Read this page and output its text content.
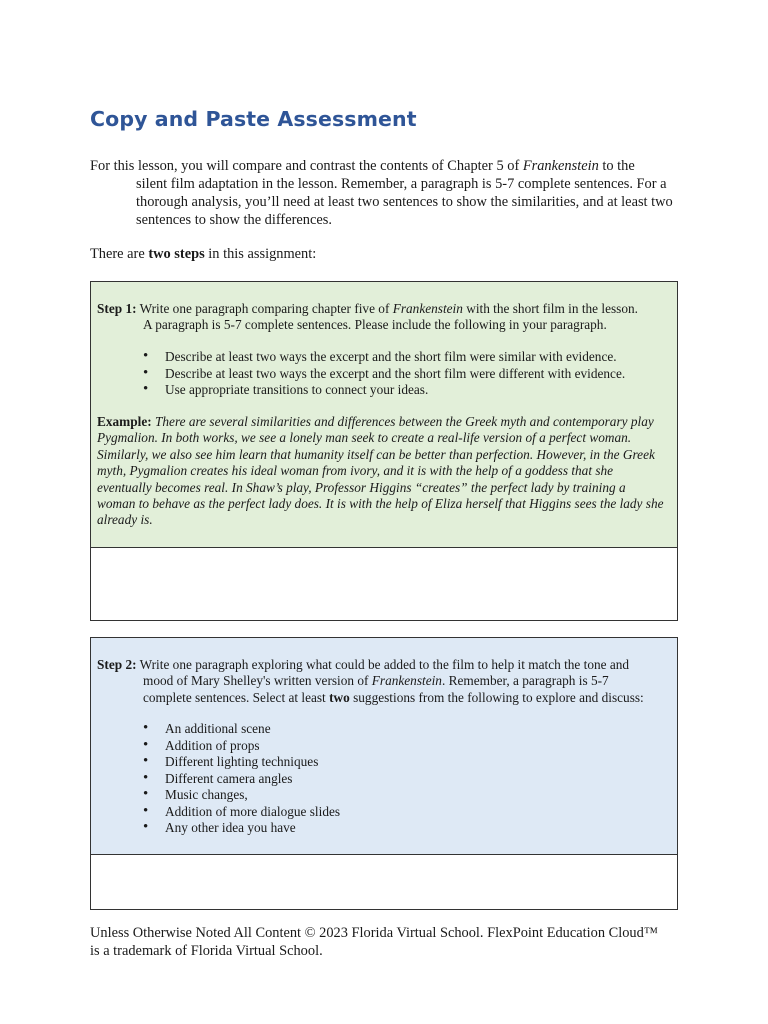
Copy and Paste Assessment

For this lesson, you will compare and contrast the contents of Chapter 5 of Frankenstein to the
silent film adaptation in the lesson. Remember, a paragraph is 5-7 complete sentences. For a thorough analysis, you’ll need at least two sentences to show the similarities, and at least two sentences to show the differences.

There are two steps in this assignment:

Step 1: Write one paragraph comparing chapter five of Frankenstein with the short film in the lesson.
A paragraph is 5-7 complete sentences. Please include the following in your paragraph.
• Describe at least two ways the excerpt and the short film were similar with evidence.
• Describe at least two ways the excerpt and the short film were different with evidence.
• Use appropriate transitions to connect your ideas.
Example: There are several similarities and differences between the Greek myth and contemporary play Pygmalion. In both works, we see a lonely man seek to create a real-life version of a perfect woman. Similarly, we also see him learn that humanity itself can be better than perfection. However, in the Greek myth, Pygmalion creates his ideal woman from ivory, and it is with the help of a goddess that she eventually becomes real. In Shaw’s play, Professor Higgins “creates” the perfect lady by training a woman to behave as the perfect lady does. It is with the help of Eliza herself that Higgins sees the lady she already is.
Step 2: Write one paragraph exploring what could be added to the film to help it match the tone and
mood of Mary Shelley's written version of Frankenstein. Remember, a paragraph is 5-7
complete sentences. Select at least two suggestions from the following to explore and discuss:
• An additional scene
• Addition of props
• Different lighting techniques
• Different camera angles
• Music changes,
• Addition of more dialogue slides
• Any other idea you have

Unless Otherwise Noted All Content © 2023 Florida Virtual School. FlexPoint Education Cloud™ is a trademark of Florida Virtual School.
